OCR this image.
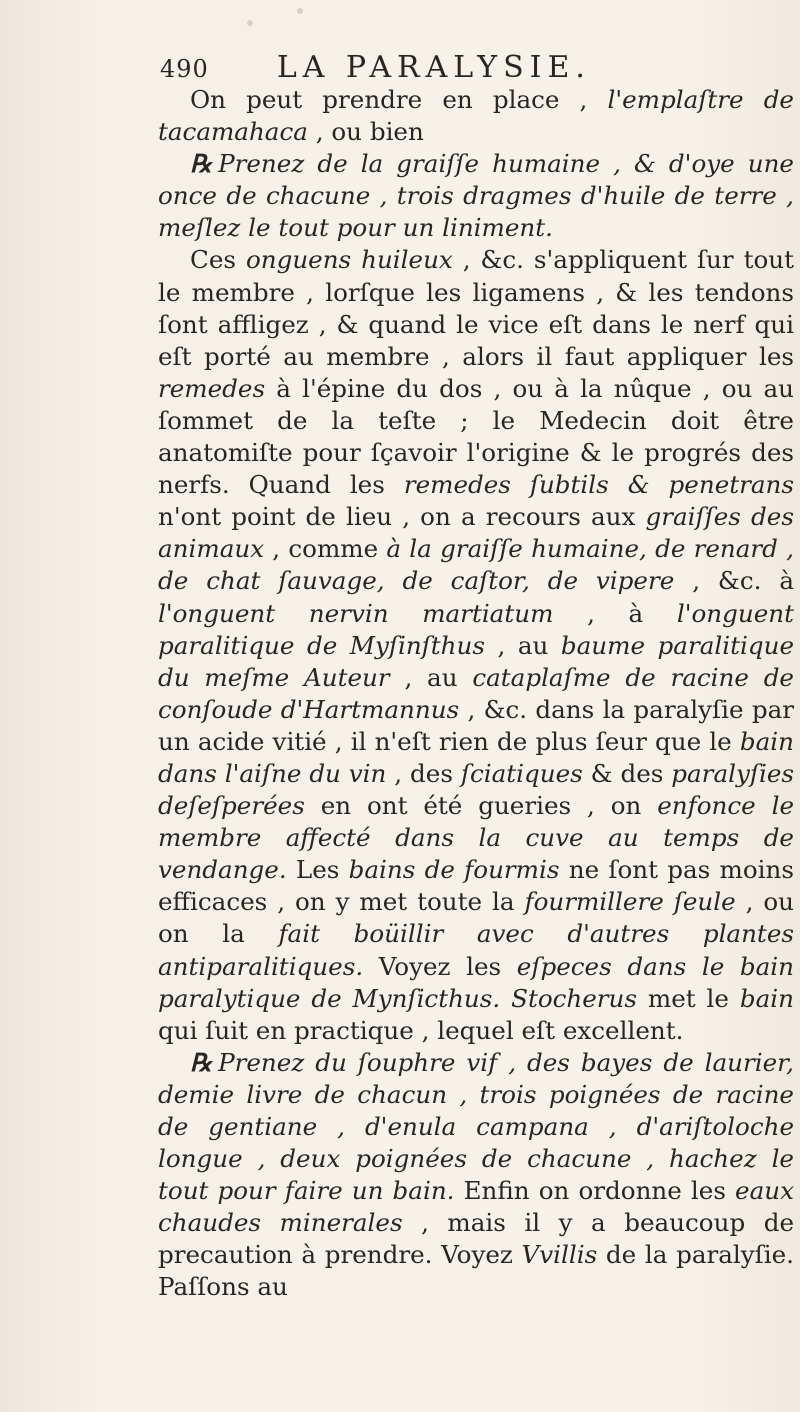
490 LA PARALYSIE.

On peut prendre en place , l'emplaſtre de tacamahaca , ou bien

℞ Prenez de la graiſſe humaine , & d'oye une once de chacune , trois dragmes d'huile de terre , meſlez le tout pour un liniment.

Ces onguens huileux , &c. s'appliquent ſur tout le membre , lorſque les ligamens , & les tendons ſont affligez , & quand le vice eſt dans le nerf qui eſt porté au membre , alors il faut appliquer les remedes à l'épine du dos , ou à la nûque , ou au ſommet de la teſte ; le Medecin doit être anatomiſte pour ſçavoir l'origine & le progrés des nerfs. Quand les remedes ſubtils & penetrans n'ont point de lieu , on a recours aux graiſſes des animaux , comme à la graiſſe humaine, de renard , de chat ſauvage, de caſtor, de vipere , &c. à l'onguent nervin martiatum , à l'onguent paralitique de Myſinſthus , au baume paralitique du meſme Auteur , au cataplaſme de racine de conſoude d'Hartmannus , &c. dans la paralyſie par un acide vitié , il n'eſt rien de plus ſeur que le bain dans l'aiſne du vin , des ſciatiques & des paralyſies deſeſperées en ont été gueries , on enfonce le membre affecté dans la cuve au temps de vendange. Les bains de fourmis ne ſont pas moins efficaces , on y met toute la fourmillere ſeule , ou on la fait boüillir avec d'autres plantes antiparalitiques. Voyez les eſpeces dans le bain paralytique de Mynſicthus. Stocherus met le bain qui ſuit en practique , lequel eſt excellent.

℞ Prenez du ſouphre vif , des bayes de laurier, demie livre de chacun , trois poignées de racine de gentiane , d'enula campana , d'ariſtoloche longue , deux poignées de chacune , hachez le tout pour faire un bain. Enfin on ordonne les eaux chaudes minerales , mais il y a beaucoup de precaution à prendre. Voyez Vvillis de la paralyſie. Paſſons au
